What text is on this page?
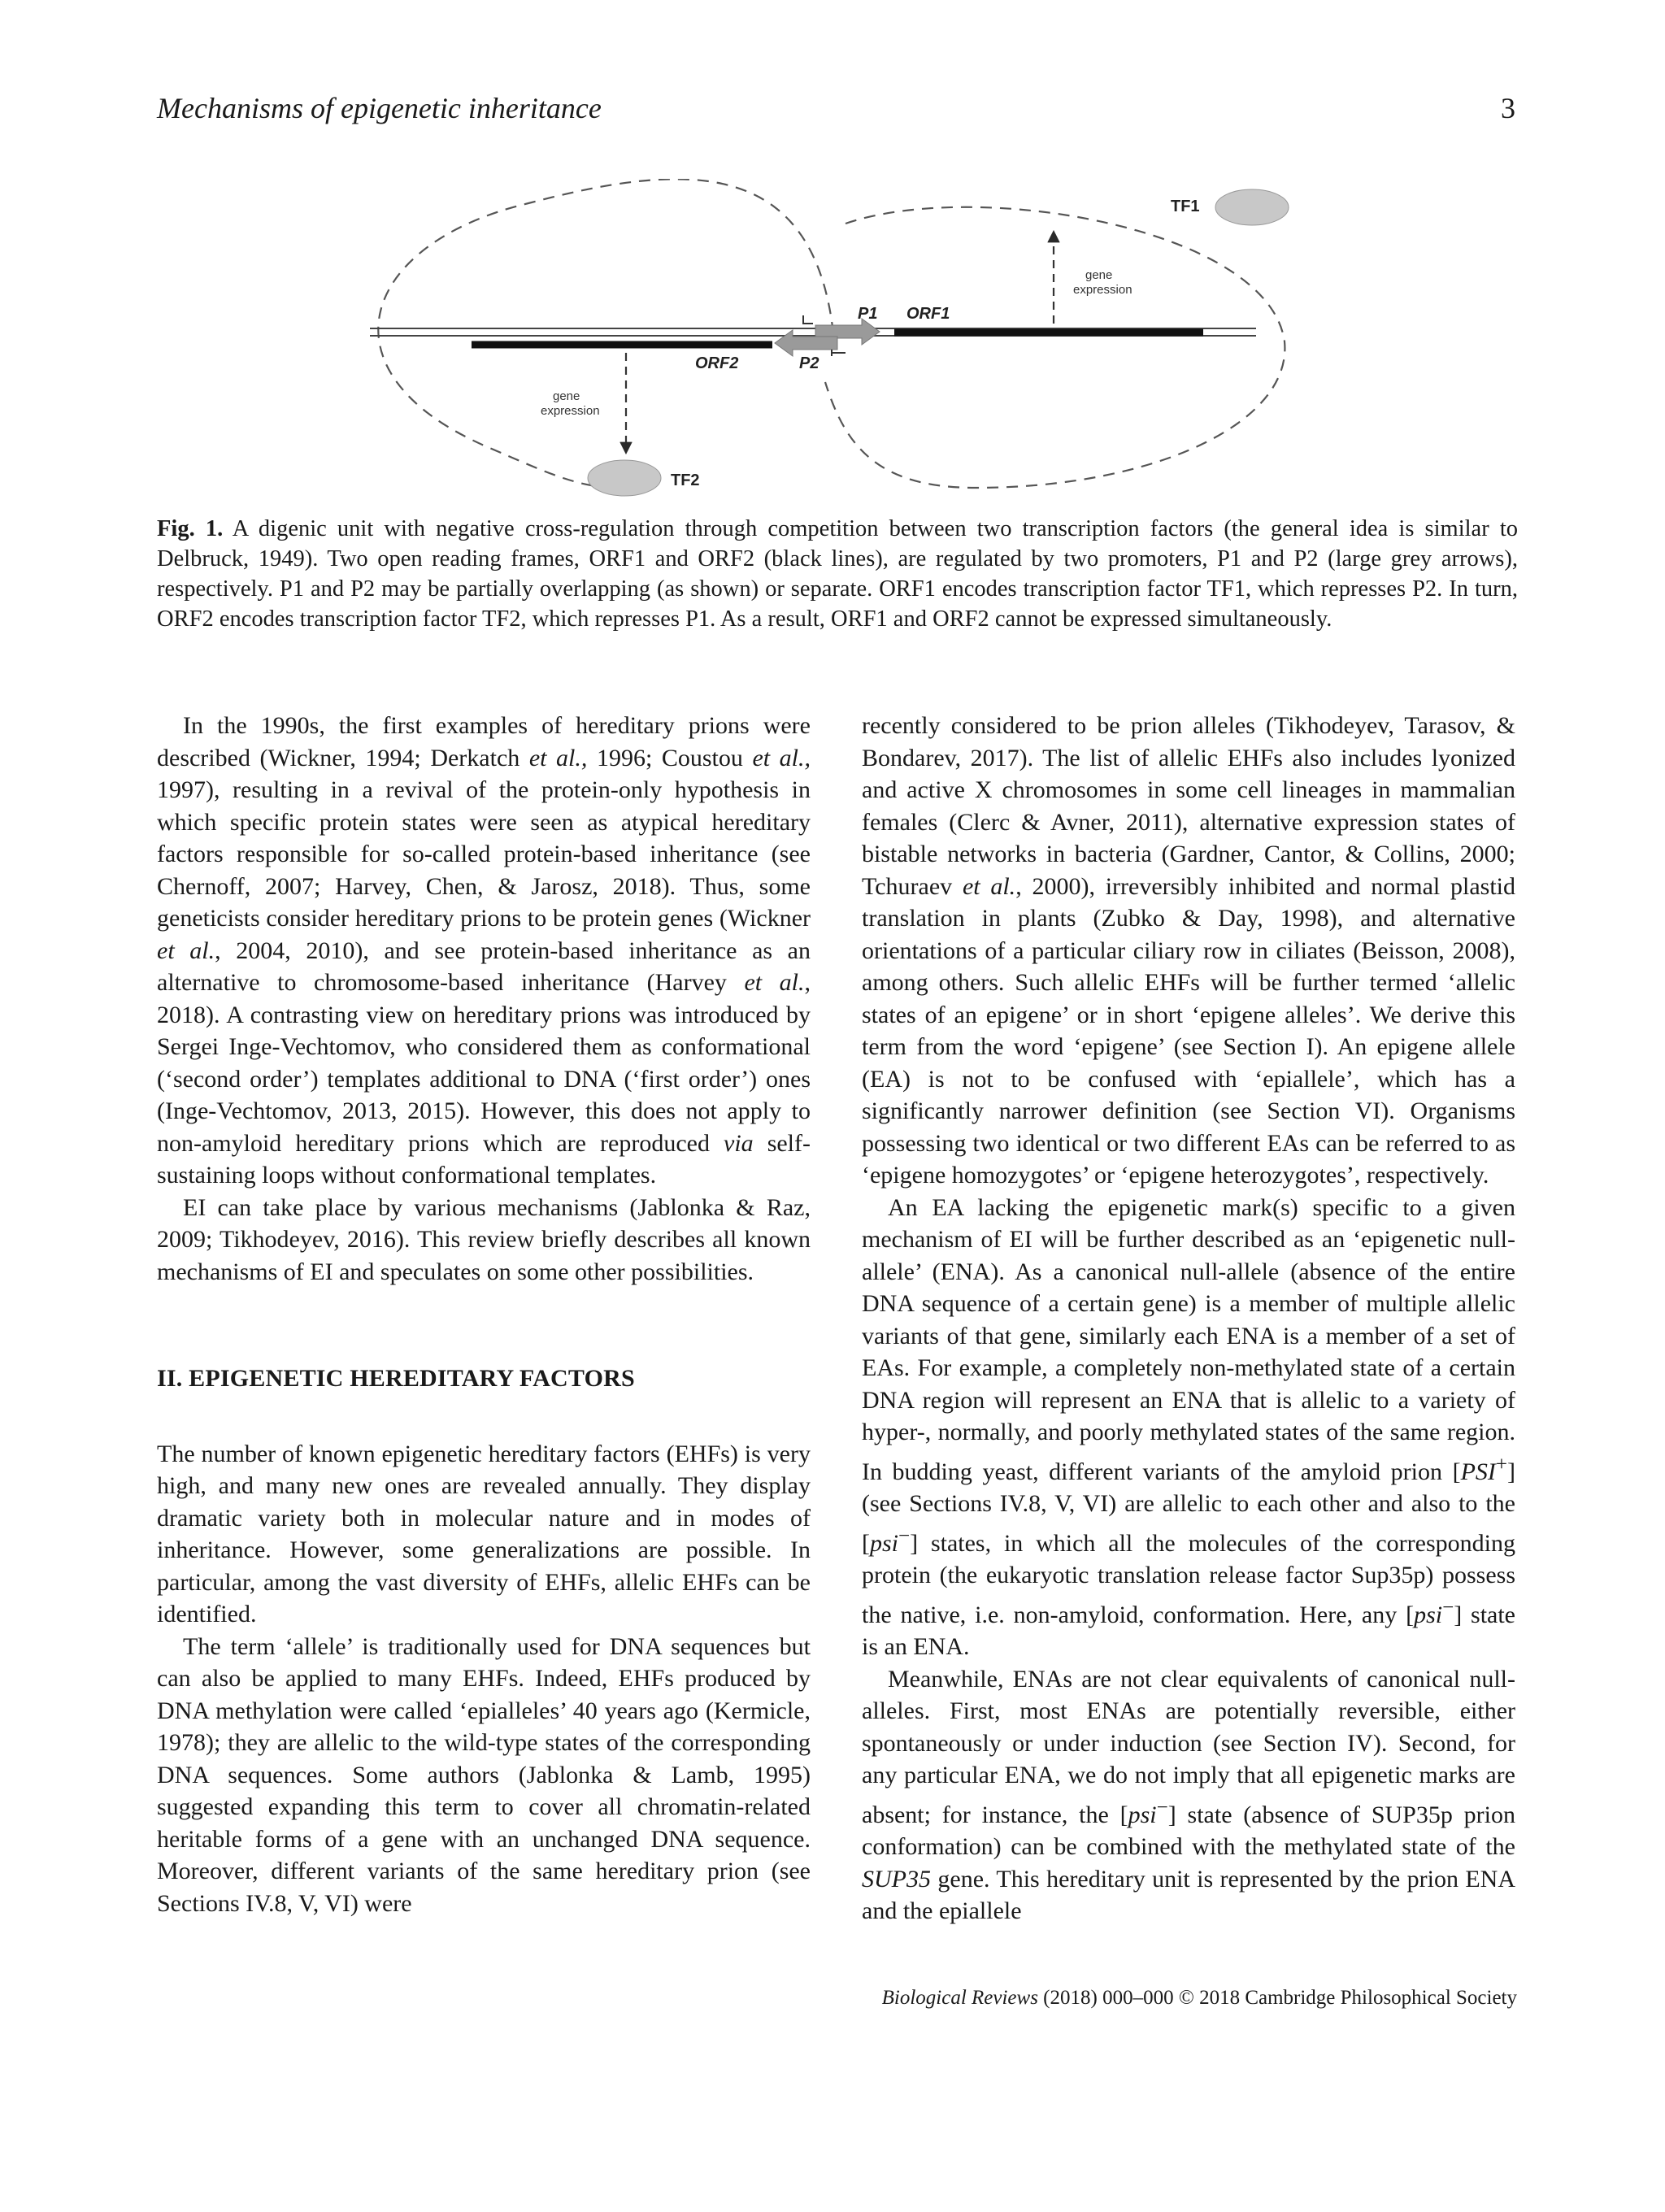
Mechanisms of epigenetic inheritance	3
TF1
TF2
ORF1
ORF2
P1
P2
gene
expression
gene
expression

Fig. 1. A digenic unit with negative cross-regulation through competition between two transcription factors (the general idea is similar to Delbruck, 1949). Two open reading frames, ORF1 and ORF2 (black lines), are regulated by two promoters, P1 and P2 (large grey arrows), respectively. P1 and P2 may be partially overlapping (as shown) or separate. ORF1 encodes transcription factor TF1, which represses P2. In turn, ORF2 encodes transcription factor TF2, which represses P1. As a result, ORF1 and ORF2 cannot be expressed simultaneously.

In the 1990s, the first examples of hereditary prions were described (Wickner, 1994; Derkatch et al., 1996; Coustou et al., 1997), resulting in a revival of the protein-only hypothesis in which specific protein states were seen as atypical hereditary factors responsible for so-called protein-based inheritance (see Chernoff, 2007; Harvey, Chen, & Jarosz, 2018). Thus, some geneticists consider hereditary prions to be protein genes (Wickner et al., 2004, 2010), and see protein-based inheritance as an alternative to chromosome-based inheritance (Harvey et al., 2018). A contrasting view on hereditary prions was introduced by Sergei Inge-Vechtomov, who considered them as conformational (‘second order’) templates additional to DNA (‘first order’) ones (Inge-Vechtomov, 2013, 2015). However, this does not apply to non-amyloid hereditary prions which are reproduced via self-sustaining loops without conformational templates.

EI can take place by various mechanisms (Jablonka & Raz, 2009; Tikhodeyev, 2016). This review briefly describes all known mechanisms of EI and speculates on some other possibilities.

II. EPIGENETIC HEREDITARY FACTORS

The number of known epigenetic hereditary factors (EHFs) is very high, and many new ones are revealed annually. They display dramatic variety both in molecular nature and in modes of inheritance. However, some generalizations are possible. In particular, among the vast diversity of EHFs, allelic EHFs can be identified.

The term ‘allele’ is traditionally used for DNA sequences but can also be applied to many EHFs. Indeed, EHFs produced by DNA methylation were called ‘epialleles’ 40 years ago (Kermicle, 1978); they are allelic to the wild-type states of the corresponding DNA sequences. Some authors (Jablonka & Lamb, 1995) suggested expanding this term to cover all chromatin-related heritable forms of a gene with an unchanged DNA sequence. Moreover, different variants of the same hereditary prion (see Sections IV.8, V, VI) were

recently considered to be prion alleles (Tikhodeyev, Tarasov, & Bondarev, 2017). The list of allelic EHFs also includes lyonized and active X chromosomes in some cell lineages in mammalian females (Clerc & Avner, 2011), alternative expression states of bistable networks in bacteria (Gardner, Cantor, & Collins, 2000; Tchuraev et al., 2000), irreversibly inhibited and normal plastid translation in plants (Zubko & Day, 1998), and alternative orientations of a particular ciliary row in ciliates (Beisson, 2008), among others. Such allelic EHFs will be further termed ‘allelic states of an epigene’ or in short ‘epigene alleles’. We derive this term from the word ‘epigene’ (see Section I). An epigene allele (EA) is not to be confused with ‘epiallele’, which has a significantly narrower definition (see Section VI). Organisms possessing two identical or two different EAs can be referred to as ‘epigene homozygotes’ or ‘epigene heterozygotes’, respectively.

An EA lacking the epigenetic mark(s) specific to a given mechanism of EI will be further described as an ‘epigenetic null-allele’ (ENA). As a canonical null-allele (absence of the entire DNA sequence of a certain gene) is a member of multiple allelic variants of that gene, similarly each ENA is a member of a set of EAs. For example, a completely non-methylated state of a certain DNA region will represent an ENA that is allelic to a variety of hyper-, normally, and poorly methylated states of the same region. In budding yeast, different variants of the amyloid prion [PSI+] (see Sections IV.8, V, VI) are allelic to each other and also to the [psi−] states, in which all the molecules of the corresponding protein (the eukaryotic translation release factor Sup35p) possess the native, i.e. non-amyloid, conformation. Here, any [psi−] state is an ENA.

Meanwhile, ENAs are not clear equivalents of canonical null-alleles. First, most ENAs are potentially reversible, either spontaneously or under induction (see Section IV). Second, for any particular ENA, we do not imply that all epigenetic marks are absent; for instance, the [psi−] state (absence of SUP35p prion conformation) can be combined with the methylated state of the SUP35 gene. This hereditary unit is represented by the prion ENA and the epiallele

Biological Reviews (2018) 000–000 © 2018 Cambridge Philosophical Society
